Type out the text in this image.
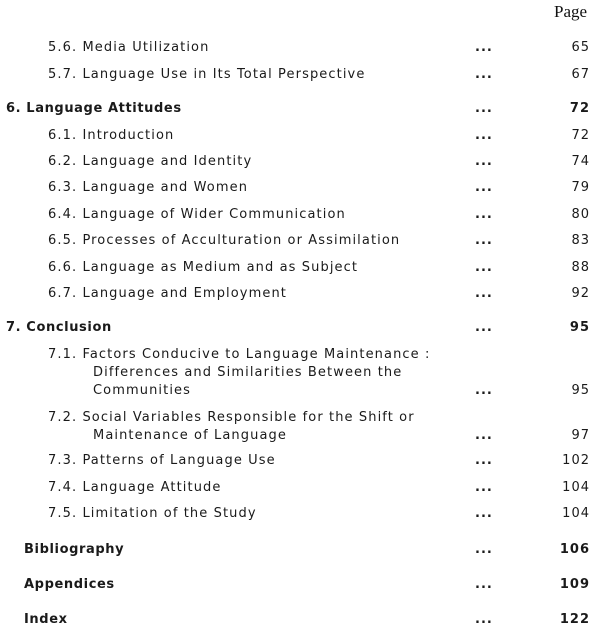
Page
5.6. Media Utilization	...	65
5.7. Language Use in Its Total Perspective	...	67
6. Language Attitudes	...	72
6.1. Introduction	...	72
6.2. Language and Identity	...	74
6.3. Language and Women	...	79
6.4. Language of Wider Communication	...	80
6.5. Processes of Acculturation or Assimilation	...	83
6.6. Language as Medium and as Subject	...	88
6.7. Language and Employment	...	92
7. Conclusion	...	95
7.1. Factors Conducive to Language Maintenance :
Differences and Similarities Between the
Communities	...	95
7.2. Social Variables Responsible for the Shift or
Maintenance of Language	...	97
7.3. Patterns of Language Use	...	102
7.4. Language Attitude	...	104
7.5. Limitation of the Study	...	104
Bibliography	...	106
Appendices	...	109
Index	...	122
